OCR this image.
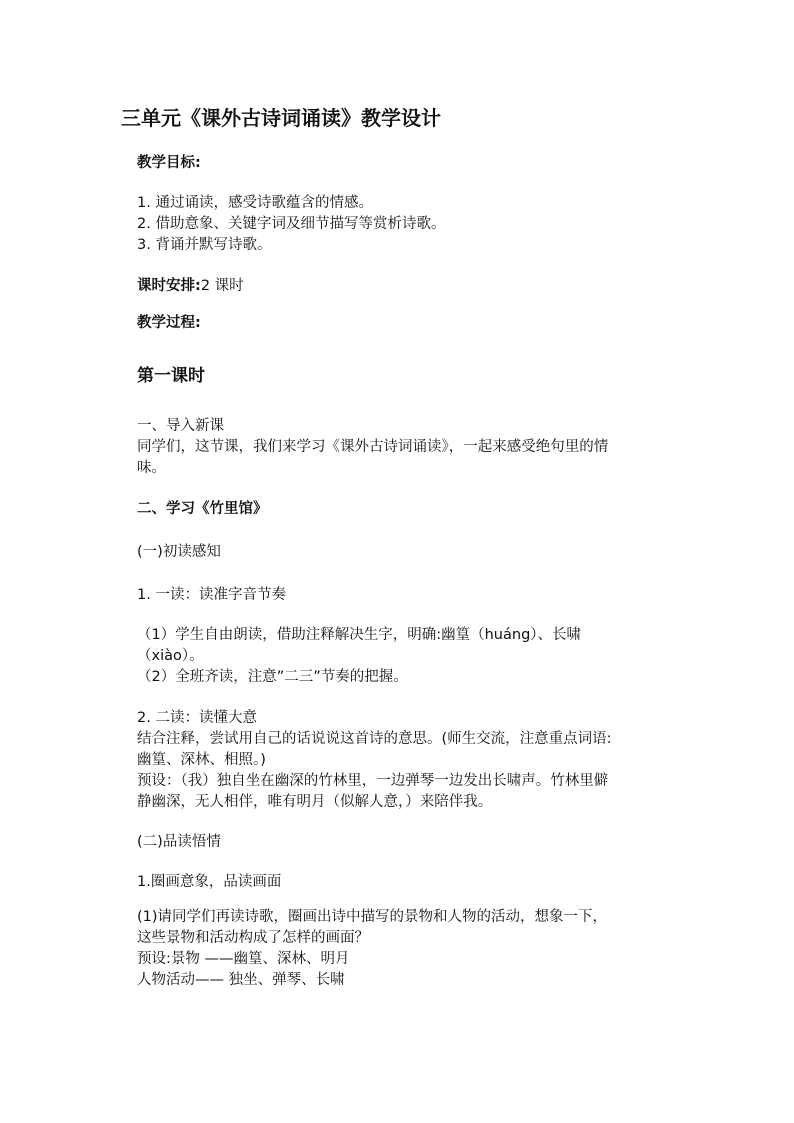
三单元《课外古诗词诵读》教学设计

教学目标:

1. 通过诵读，感受诗歌蕴含的情感。

2. 借助意象、关键字词及细节描写等赏析诗歌。

3. 背诵并默写诗歌。

课时安排:2 课时

教学过程:

第一课时

一、导入新课

同学们，这节课，我们来学习《课外古诗词诵读》，一起来感受绝句里的情

味。

二、学习《竹里馆》

(一)初读感知

1. 一读：读准字音节奏

（1）学生自由朗读，借助注释解决生字，明确:幽篁（huáng）、长啸

（xiào）。

（2）全班齐读，注意”二三”节奏的把握。

2. 二读：读懂大意

结合注释，尝试用自己的话说说这首诗的意思。(师生交流，注意重点词语:

幽篁、深林、相照。)

预设：（我）独自坐在幽深的竹林里，一边弹琴一边发出长啸声。竹林里僻

静幽深，无人相伴，唯有明月（似解人意，）来陪伴我。

(二)品读悟情

1.圈画意象，品读画面

(1)请同学们再读诗歌，圈画出诗中描写的景物和人物的活动，想象一下，

这些景物和活动构成了怎样的画面？

预设:景物 ——幽篁、深林、明月

人物活动—— 独坐、弹琴、长啸
